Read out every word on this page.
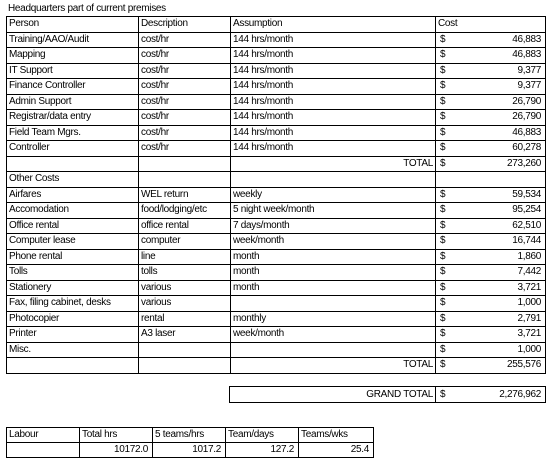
Headquarters part of current premises
Person	Description	Assumption	Cost	
Training/AAO/Audit	cost/hr	144 hrs/month	$	46,883
Mapping	cost/hr	144 hrs/month	$	46,883
IT Support	cost/hr	144 hrs/month	$	9,377
Finance Controller	cost/hr	144 hrs/month	$	9,377
Admin Support	cost/hr	144 hrs/month	$	26,790
Registrar/data entry	cost/hr	144 hrs/month	$	26,790
Field Team Mgrs.	cost/hr	144 hrs/month	$	46,883
Controller	cost/hr	144 hrs/month	$	60,278
		TOTAL	$	273,260
Other Costs				
Airfares	WEL return	weekly	$	59,534
Accomodation	food/lodging/etc	5 night week/month	$	95,254
Office rental	office rental	7 days/month	$	62,510
Computer lease	computer	week/month	$	16,744
Phone rental	line	month	$	1,860
Tolls	tolls	month	$	7,442
Stationery	various	month	$	3,721
Fax, filing cabinet, desks	various		$	1,000
Photocopier	rental	monthly	$	2,791
Printer	A3 laser	week/month	$	3,721
Misc.			$	1,000
		TOTAL	$	255,576
GRAND TOTAL	$	2,276,962
Labour	Total hrs	5 teams/hrs	Team/days	Teams/wks
	10172.0	1017.2	127.2	25.4
